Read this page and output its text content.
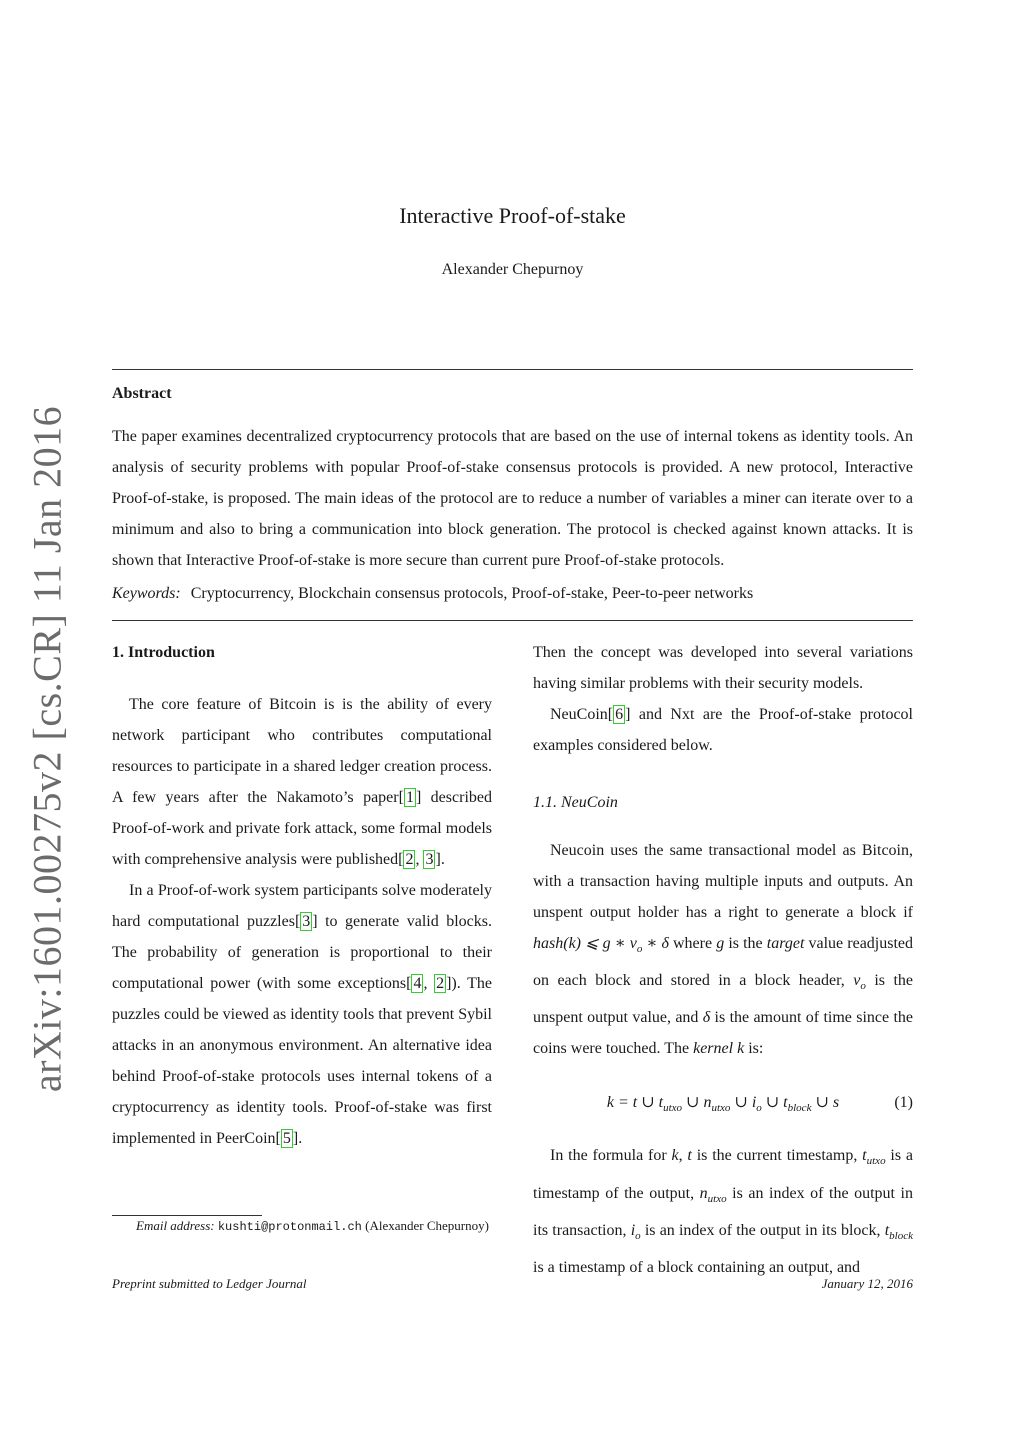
arXiv:1601.00275v2 [cs.CR] 11 Jan 2016
Interactive Proof-of-stake
Alexander Chepurnoy
Abstract
The paper examines decentralized cryptocurrency protocols that are based on the use of internal tokens as identity tools. An analysis of security problems with popular Proof-of-stake consensus protocols is provided. A new protocol, Interactive Proof-of-stake, is proposed. The main ideas of the protocol are to reduce a number of variables a miner can iterate over to a minimum and also to bring a communication into block generation. The protocol is checked against known attacks. It is shown that Interactive Proof-of-stake is more secure than current pure Proof-of-stake protocols.
Keywords: Cryptocurrency, Blockchain consensus protocols, Proof-of-stake, Peer-to-peer networks
1. Introduction

The core feature of Bitcoin is is the ability of every network participant who contributes computational resources to participate in a shared ledger creation process. A few years after the Nakamoto’s paper[ 1 ] described Proof-of-work and private fork attack, some formal models with comprehensive analysis were published[ 2 , 3 ].

In a Proof-of-work system participants solve moderately hard computational puzzles[ 3 ] to generate valid blocks. The probability of generation is proportional to their computational power (with some exceptions[ 4 , 2 ]). The puzzles could be viewed as identity tools that prevent Sybil attacks in an anonymous environment. An alternative idea behind Proof-of-stake protocols uses internal tokens of a cryptocurrency as identity tools. Proof-of-stake was first implemented in PeerCoin[ 5 ].

Then the concept was developed into several variations having similar problems with their security models.

NeuCoin[ 6 ] and Nxt are the Proof-of-stake protocol examples considered below.

1.1. NeuCoin

Neucoin uses the same transactional model as Bitcoin, with a transaction having multiple inputs and outputs. An unspent output holder has a right to generate a block if hash(k) ⩽ g ∗ $v_o$ ∗ δ where g is the target value readjusted on each block and stored in a block header, $v_o$ is the unspent output value, and δ is the amount of time since the coins were touched. The kernel k is:

k = t ∪ $t_{utxo}$ ∪ $n_{utxo}$ ∪ $i_o$ ∪ $t_{block}$ ∪ s	(1)

In the formula for k, t is the current timestamp, $t_{utxo}$ is a timestamp of the output, $n_{utxo}$ is an index of the output in its transaction, $i_o$ is an index of the output in its block, $t_{block}$ is a timestamp of a block containing an output, and

Email address: kushti@protonmail.ch (Alexander Chepurnoy)
Preprint submitted to Ledger Journal	January 12, 2016
